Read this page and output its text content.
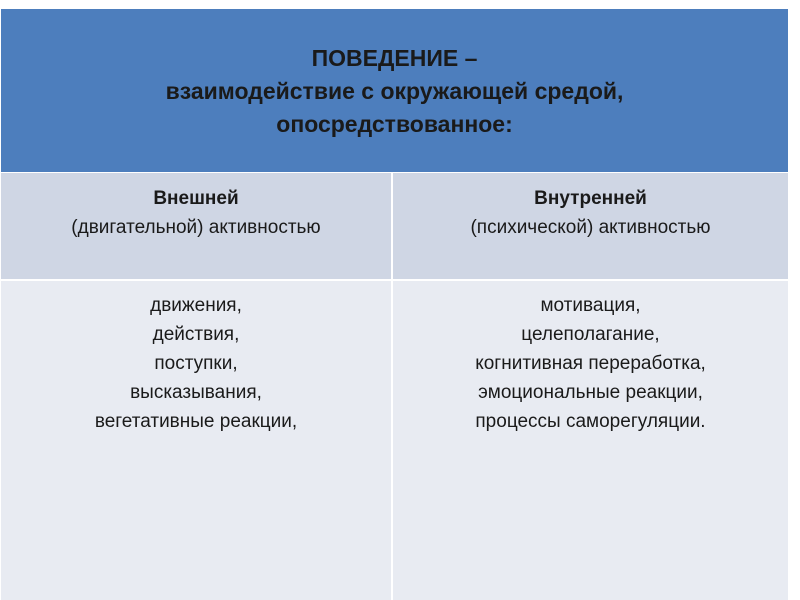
ПОВЕДЕНИЕ –
взаимодействие с окружающей средой,
опосредствованное:
Внешней
(двигательной) активностью
Внутренней
(психической) активностью
движения,
действия,
поступки,
высказывания,
вегетативные реакции,
мотивация,
целеполагание,
когнитивная переработка,
эмоциональные реакции,
процессы саморегуляции.
